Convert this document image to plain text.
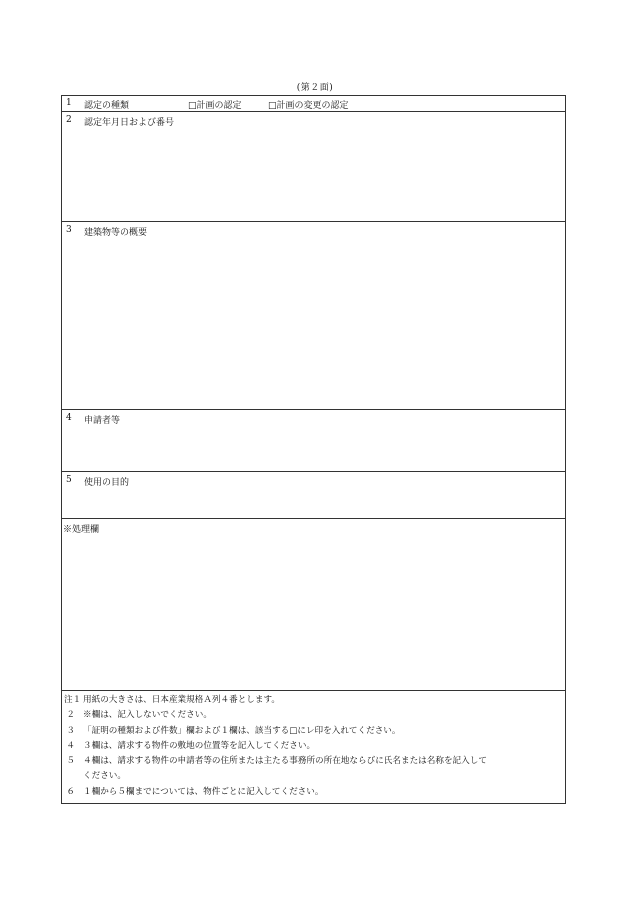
(第２面)
1	認定の種類	□計画の認定	□計画の変更の認定
2	認定年月日および番号
3	建築物等の概要
4	申請者等
5	使用の目的
※処理欄
注１ 用紙の大きさは、日本産業規格Ａ列４番とします。
２ ※欄は、記入しないでください。
３ 「証明の種類および件数」欄および１欄は、該当する□にレ印を入れてください。
４ ３欄は、請求する物件の敷地の位置等を記入してください。
５ ４欄は、請求する物件の申請者等の住所または主たる事務所の所在地ならびに氏名または名称を記入して
ください。
６ １欄から５欄までについては、物件ごとに記入してください。
